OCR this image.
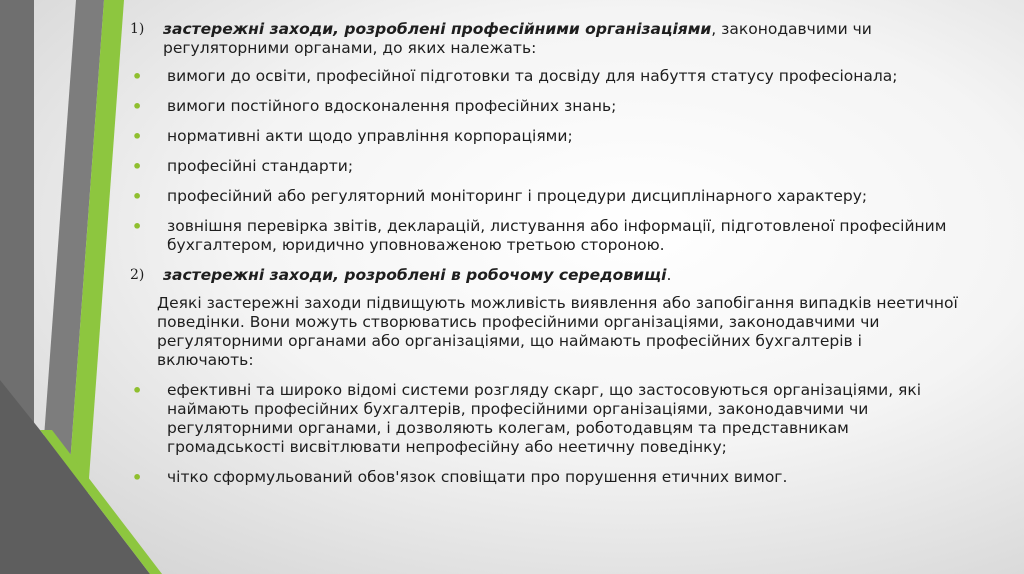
1) застережні заходи, розроблені професійними організаціями, законодавчими чи регуляторними органами, до яких належать:
• вимоги до освіти, професійної підготовки та досвіду для набуття статусу професіонала;
• вимоги постійного вдосконалення професійних знань;
• нормативні акти щодо управління корпораціями;
• професійні стандарти;
• професійний або регуляторний моніторинг і процедури дисциплінарного характеру;
• зовнішня перевірка звітів, декларацій, листування або інформації, підготовленої професійним бухгалтером, юридично уповноваженою третьою стороною.
2) застережні заходи, розроблені в робочому середовищі.
Деякі застережні заходи підвищують можливість виявлення або запобігання випадків неетичної поведінки. Вони можуть створюватись професійними організаціями, законодавчими чи регуляторними органами або організаціями, що наймають професійних бухгалтерів і включають:
• ефективні та широко відомі системи розгляду скарг, що застосовуються організаціями, які наймають професійних бухгалтерів, професійними організаціями, законодавчими чи регуляторними органами, і дозволяють колегам, роботодавцям та представникам громадськості висвітлювати непрофесійну або неетичну поведінку;
• чітко сформульований обов'язок сповіщати про порушення етичних вимог.
